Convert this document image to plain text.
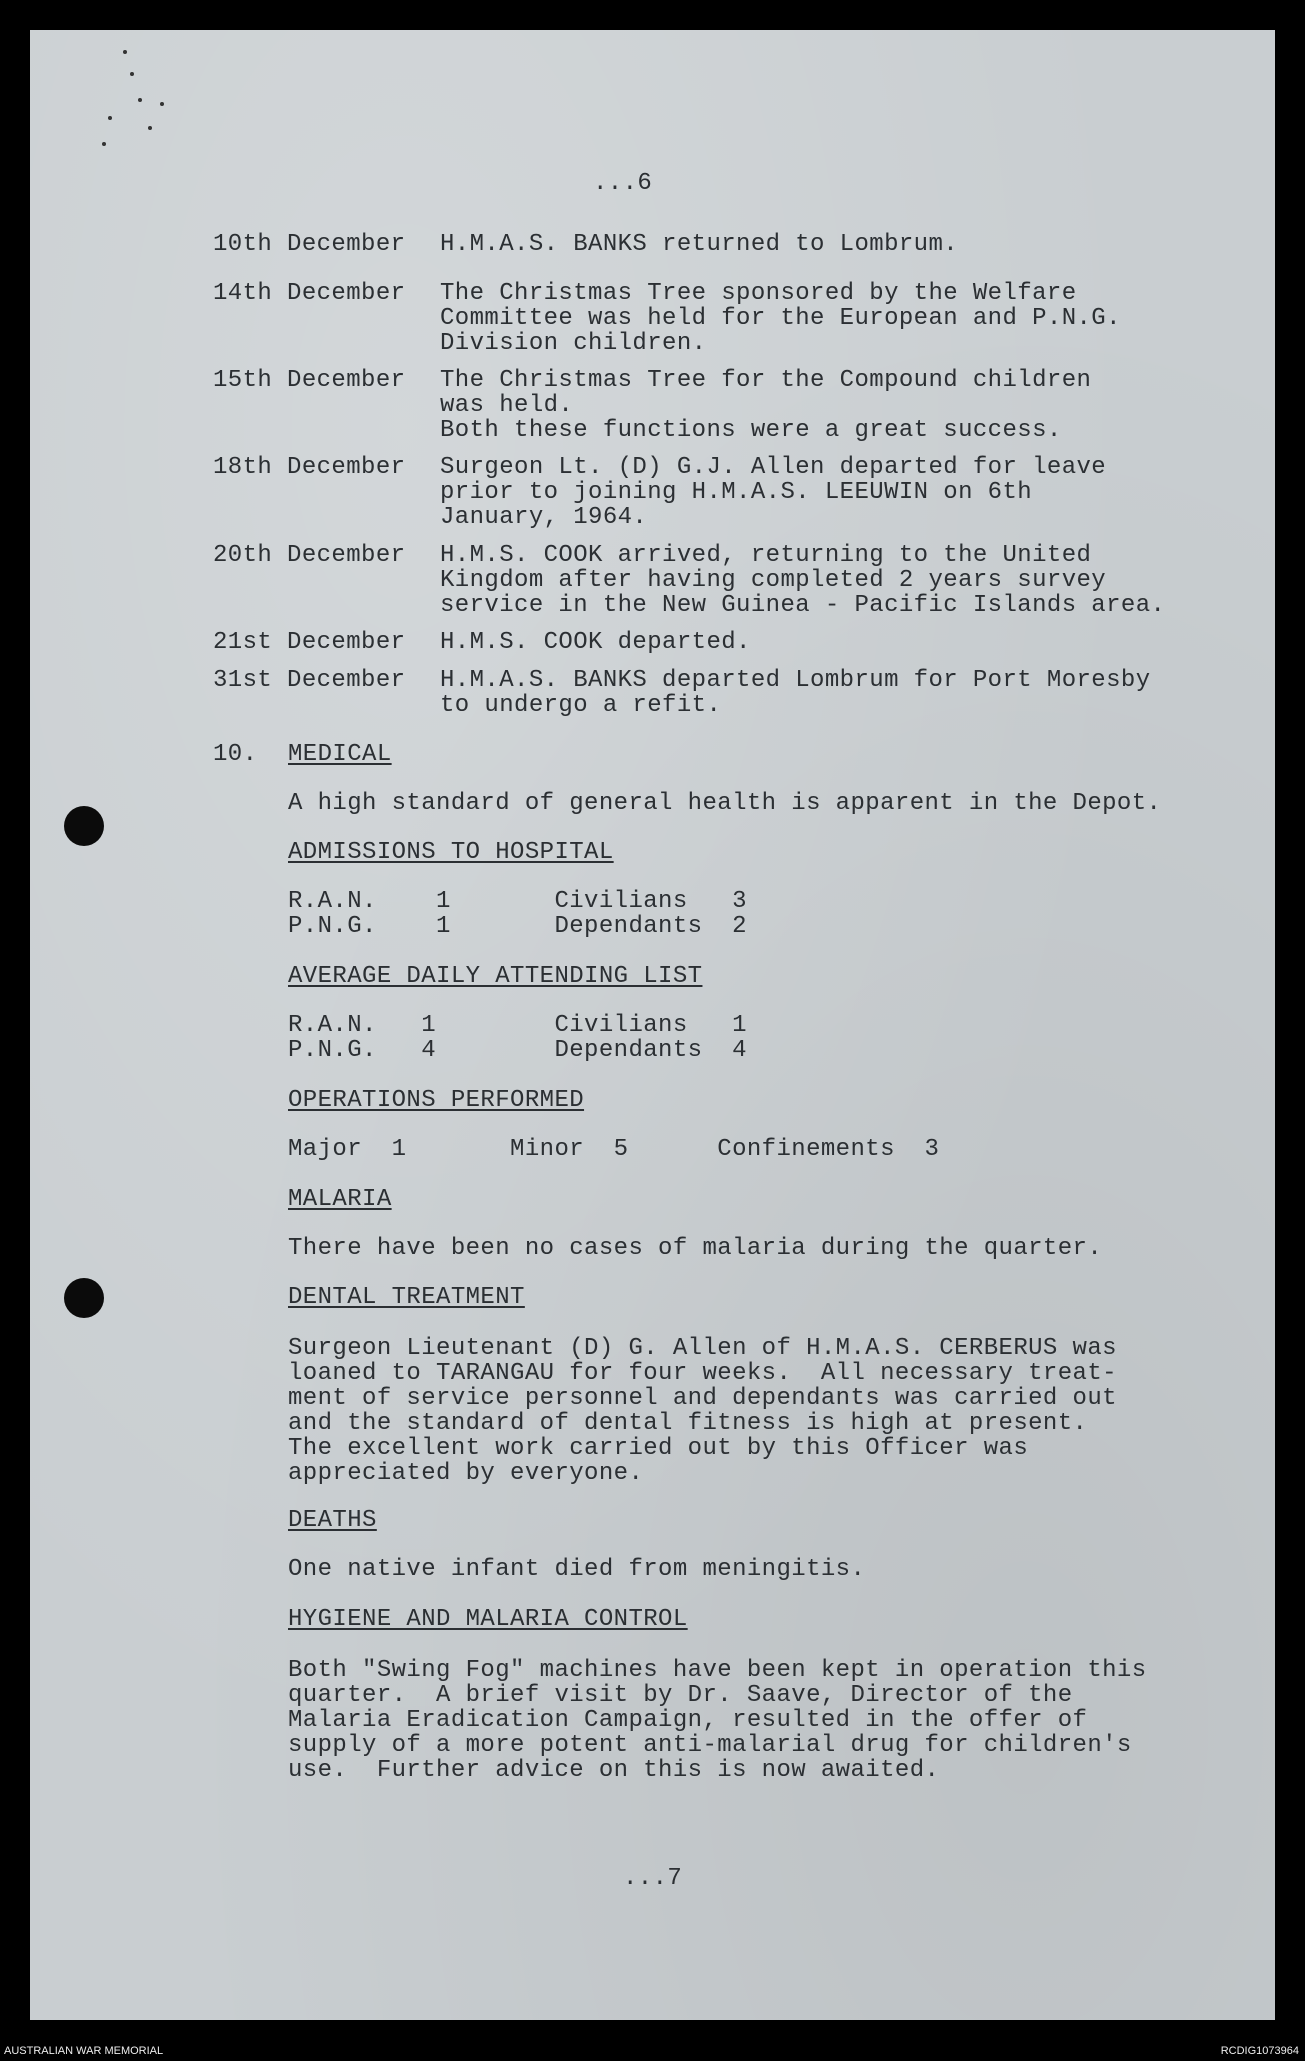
...6
10th December H.M.A.S. BANKS returned to Lombrum.
14th December The Christmas Tree sponsored by the Welfare
Committee was held for the European and P.N.G.
Division children.
15th December The Christmas Tree for the Compound children
was held.
Both these functions were a great success.
18th December Surgeon Lt. (D) G.J. Allen departed for leave
prior to joining H.M.A.S. LEEUWIN on 6th
January, 1964.
20th December H.M.S. COOK arrived, returning to the United
Kingdom after having completed 2 years survey
service in the New Guinea - Pacific Islands area.
21st December H.M.S. COOK departed.
31st December H.M.A.S. BANKS departed Lombrum for Port Moresby
to undergo a refit.
10. MEDICAL
A high standard of general health is apparent in the Depot.
ADMISSIONS TO HOSPITAL
R.A.N.    1       Civilians   3
P.N.G.    1       Dependants  2
AVERAGE DAILY ATTENDING LIST
R.A.N.   1        Civilians   1
P.N.G.   4        Dependants  4
OPERATIONS PERFORMED
Major  1       Minor  5      Confinements  3
MALARIA
There have been no cases of malaria during the quarter.
DENTAL TREATMENT
Surgeon Lieutenant (D) G. Allen of H.M.A.S. CERBERUS was
loaned to TARANGAU for four weeks.  All necessary treat-
ment of service personnel and dependants was carried out
and the standard of dental fitness is high at present.
The excellent work carried out by this Officer was
appreciated by everyone.
DEATHS
One native infant died from meningitis.
HYGIENE AND MALARIA CONTROL
Both "Swing Fog" machines have been kept in operation this
quarter.  A brief visit by Dr. Saave, Director of the
Malaria Eradication Campaign, resulted in the offer of
supply of a more potent anti-malarial drug for children's
use.  Further advice on this is now awaited.
...7
AUSTRALIAN WAR MEMORIAL	RCDIG1073964
